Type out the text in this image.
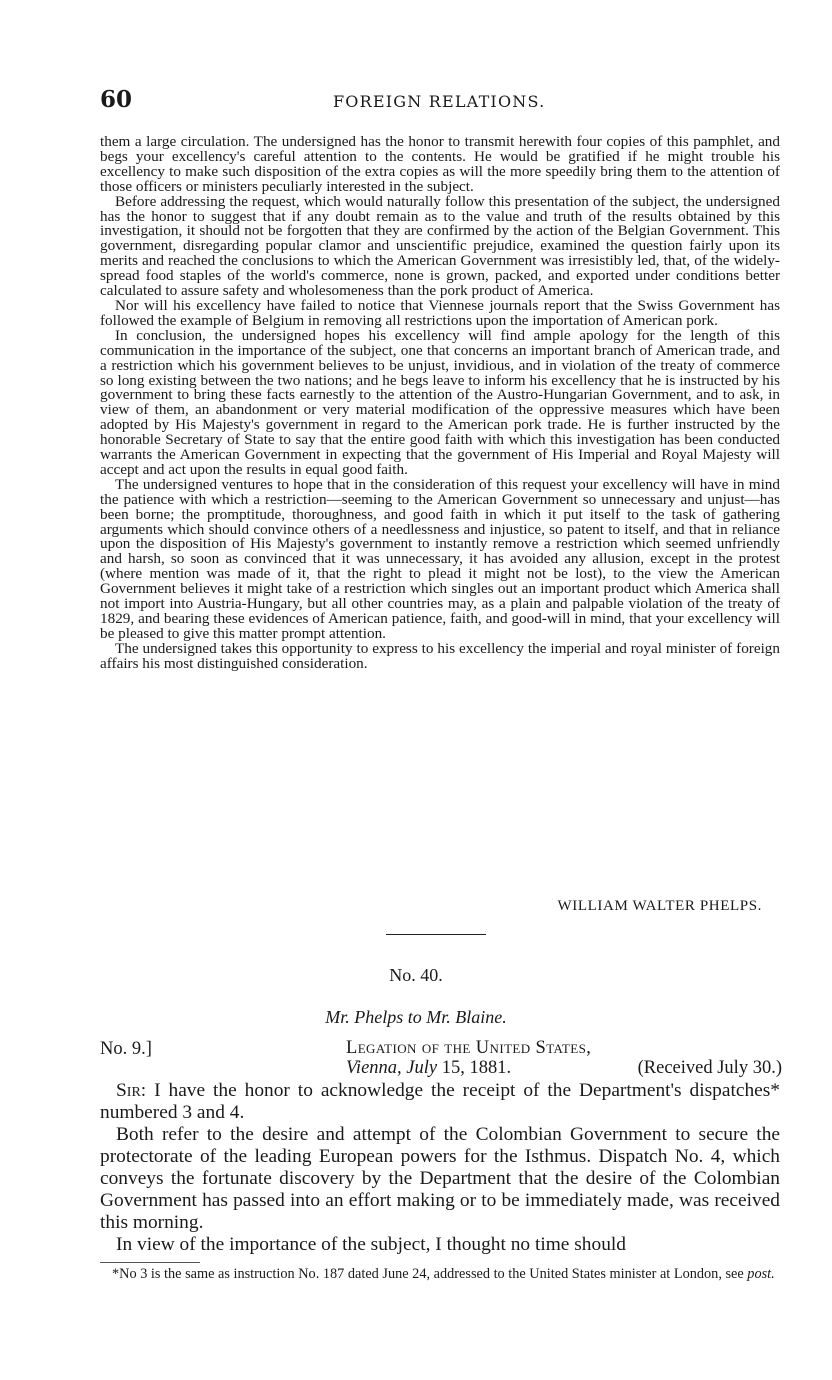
60	FOREIGN RELATIONS.

them a large circulation. The undersigned has the honor to transmit herewith four copies of this pamphlet, and begs your excellency's careful attention to the contents. He would be gratified if he might trouble his excellency to make such disposition of the extra copies as will the more speedily bring them to the attention of those officers or ministers peculiarly interested in the subject.

Before addressing the request, which would naturally follow this presentation of the subject, the undersigned has the honor to suggest that if any doubt remain as to the value and truth of the results obtained by this investigation, it should not be forgotten that they are confirmed by the action of the Belgian Government. This government, disregarding popular clamor and unscientific prejudice, examined the question fairly upon its merits and reached the conclusions to which the American Government was irresistibly led, that, of the widely-spread food staples of the world's commerce, none is grown, packed, and exported under conditions better calculated to assure safety and wholesomeness than the pork product of America.

Nor will his excellency have failed to notice that Viennese journals report that the Swiss Government has followed the example of Belgium in removing all restrictions upon the importation of American pork.

In conclusion, the undersigned hopes his excellency will find ample apology for the length of this communication in the importance of the subject, one that concerns an important branch of American trade, and a restriction which his government believes to be unjust, invidious, and in violation of the treaty of commerce so long existing between the two nations; and he begs leave to inform his excellency that he is instructed by his government to bring these facts earnestly to the attention of the Austro-Hungarian Government, and to ask, in view of them, an abandonment or very material modification of the oppressive measures which have been adopted by His Majesty's government in regard to the American pork trade. He is further instructed by the honorable Secretary of State to say that the entire good faith with which this investigation has been conducted warrants the American Government in expecting that the government of His Imperial and Royal Majesty will accept and act upon the results in equal good faith.

The undersigned ventures to hope that in the consideration of this request your excellency will have in mind the patience with which a restriction—seeming to the American Government so unnecessary and unjust—has been borne; the promptitude, thoroughness, and good faith in which it put itself to the task of gathering arguments which should convince others of a needlessness and injustice, so patent to itself, and that in reliance upon the disposition of His Majesty's government to instantly remove a restriction which seemed unfriendly and harsh, so soon as convinced that it was unnecessary, it has avoided any allusion, except in the protest (where mention was made of it, that the right to plead it might not be lost), to the view the American Government believes it might take of a restriction which singles out an important product which America shall not import into Austria-Hungary, but all other countries may, as a plain and palpable violation of the treaty of 1829, and bearing these evidences of American patience, faith, and good-will in mind, that your excellency will be pleased to give this matter prompt attention.

The undersigned takes this opportunity to express to his excellency the imperial and royal minister of foreign affairs his most distinguished consideration.

WILLIAM WALTER PHELPS.
No. 40.
Mr. Phelps to Mr. Blaine.
No. 9.]	Legation of the United States,
Vienna, July 15, 1881.	(Received July 30.)

Sir: I have the honor to acknowledge the receipt of the Department's dispatches* numbered 3 and 4.

Both refer to the desire and attempt of the Colombian Government to secure the protectorate of the leading European powers for the Isthmus. Dispatch No. 4, which conveys the fortunate discovery by the Department that the desire of the Colombian Government has passed into an effort making or to be immediately made, was received this morning.

In view of the importance of the subject, I thought no time should

*No 3 is the same as instruction No. 187 dated June 24, addressed to the United States minister at London, see post.
